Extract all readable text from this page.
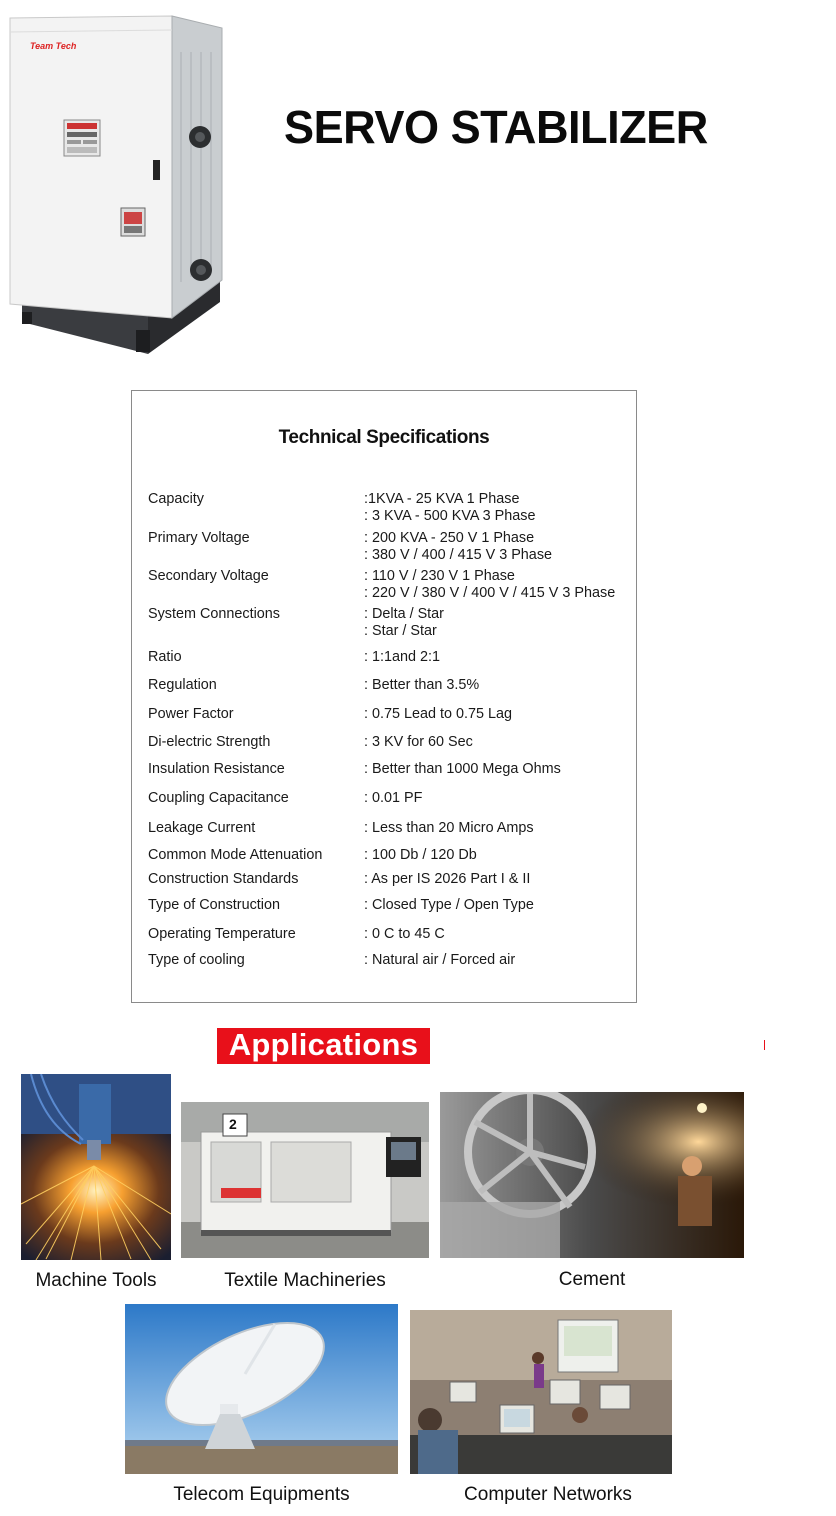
Team Tech
SERVO STABILIZER
Technical Specifications
Capacity	:1KVA - 25 KVA 1 Phase
: 3 KVA - 500 KVA 3 Phase
Primary Voltage	: 200 KVA - 250 V 1 Phase
: 380 V / 400 / 415 V 3 Phase
Secondary Voltage	: 110 V / 230 V 1 Phase
: 220 V / 380 V / 400 V / 415 V 3 Phase
System Connections	: Delta / Star
: Star / Star
Ratio	: 1:1and 2:1
Regulation	: Better than 3.5%
Power Factor	: 0.75 Lead to 0.75 Lag
Di-electric Strength	: 3 KV for 60 Sec
Insulation Resistance	: Better than 1000 Mega Ohms
Coupling Capacitance	: 0.01 PF
Leakage Current	: Less than 20 Micro Amps
Common Mode Attenuation	: 100 Db / 120 Db
Construction Standards	: As per IS 2026 Part I & II
Type of Construction	: Closed Type / Open Type
Operating Temperature	: 0 C to 45 C
Type of cooling	: Natural air / Forced air
Applications
Machine Tools
2
Textile Machineries	Cement
Telecom Equipments	Computer Networks
